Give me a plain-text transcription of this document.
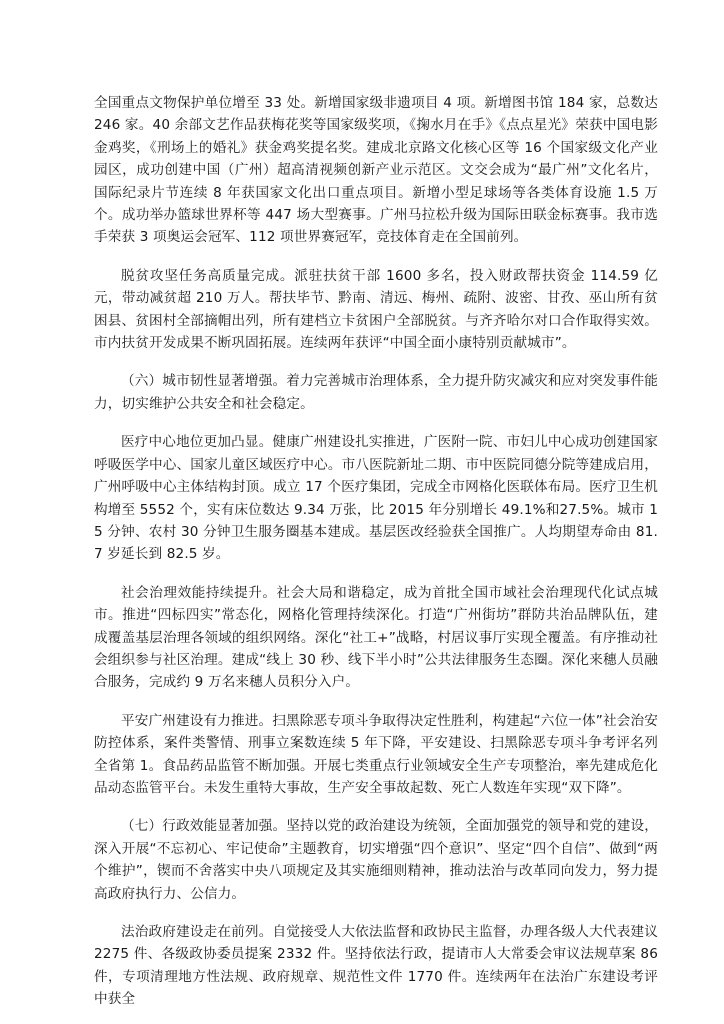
全国重点文物保护单位增至 33 处。新增国家级非遗项目 4 项。新增图书馆 184 家，总数达 246 家。40 余部文艺作品获梅花奖等国家级奖项，《掬水月在手》《点点星光》荣获中国电影金鸡奖，《刑场上的婚礼》获金鸡奖提名奖。建成北京路文化核心区等 16 个国家级文化产业园区，成功创建中国（广州）超高清视频创新产业示范区。文交会成为“最广州”文化名片，国际纪录片节连续 8 年获国家文化出口重点项目。新增小型足球场等各类体育设施 1.5 万个。成功举办篮球世界杯等 447 场大型赛事。广州马拉松升级为国际田联金标赛事。我市选手荣获 3 项奥运会冠军、112 项世界赛冠军，竞技体育走在全国前列。

脱贫攻坚任务高质量完成。派驻扶贫干部 1600 多名，投入财政帮扶资金 114.59 亿元，带动减贫超 210 万人。帮扶毕节、黔南、清远、梅州、疏附、波密、甘孜、巫山所有贫困县、贫困村全部摘帽出列，所有建档立卡贫困户全部脱贫。与齐齐哈尔对口合作取得实效。市内扶贫开发成果不断巩固拓展。连续两年获评“中国全面小康特别贡献城市”。

（六）城市韧性显著增强。着力完善城市治理体系，全力提升防灾减灾和应对突发事件能力，切实维护公共安全和社会稳定。

医疗中心地位更加凸显。健康广州建设扎实推进，广医附一院、市妇儿中心成功创建国家呼吸医学中心、国家儿童区域医疗中心。市八医院新址二期、市中医院同德分院等建成启用，广州呼吸中心主体结构封顶。成立 17 个医疗集团，完成全市网格化医联体布局。医疗卫生机构增至 5552 个，实有床位数达 9.34 万张，比 2015 年分别增长 49.1%和27.5%。城市 15 分钟、农村 30 分钟卫生服务圈基本建成。基层医改经验获全国推广。人均期望寿命由 81.7 岁延长到 82.5 岁。

社会治理效能持续提升。社会大局和谐稳定，成为首批全国市域社会治理现代化试点城市。推进“四标四实”常态化，网格化管理持续深化。打造“广州街坊”群防共治品牌队伍，建成覆盖基层治理各领域的组织网络。深化“社工+”战略，村居议事厅实现全覆盖。有序推动社会组织参与社区治理。建成“线上 30 秒、线下半小时”公共法律服务生态圈。深化来穗人员融合服务，完成约 9 万名来穗人员积分入户。

平安广州建设有力推进。扫黑除恶专项斗争取得决定性胜利，构建起“六位一体”社会治安防控体系，案件类警情、刑事立案数连续 5 年下降，平安建设、扫黑除恶专项斗争考评名列全省第 1。食品药品监管不断加强。开展七类重点行业领域安全生产专项整治，率先建成危化品动态监管平台。未发生重特大事故，生产安全事故起数、死亡人数连年实现“双下降”。

（七）行政效能显著加强。坚持以党的政治建设为统领，全面加强党的领导和党的建设，深入开展“不忘初心、牢记使命”主题教育，切实增强“四个意识”、坚定“四个自信”、做到“两个维护”，锲而不舍落实中央八项规定及其实施细则精神，推动法治与改革同向发力，努力提高政府执行力、公信力。

法治政府建设走在前列。自觉接受人大依法监督和政协民主监督，办理各级人大代表建议 2275 件、各级政协委员提案 2332 件。坚持依法行政，提请市人大常委会审议法规草案 86 件，专项清理地方性法规、政府规章、规范性文件 1770 件。连续两年在法治广东建设考评中获全
